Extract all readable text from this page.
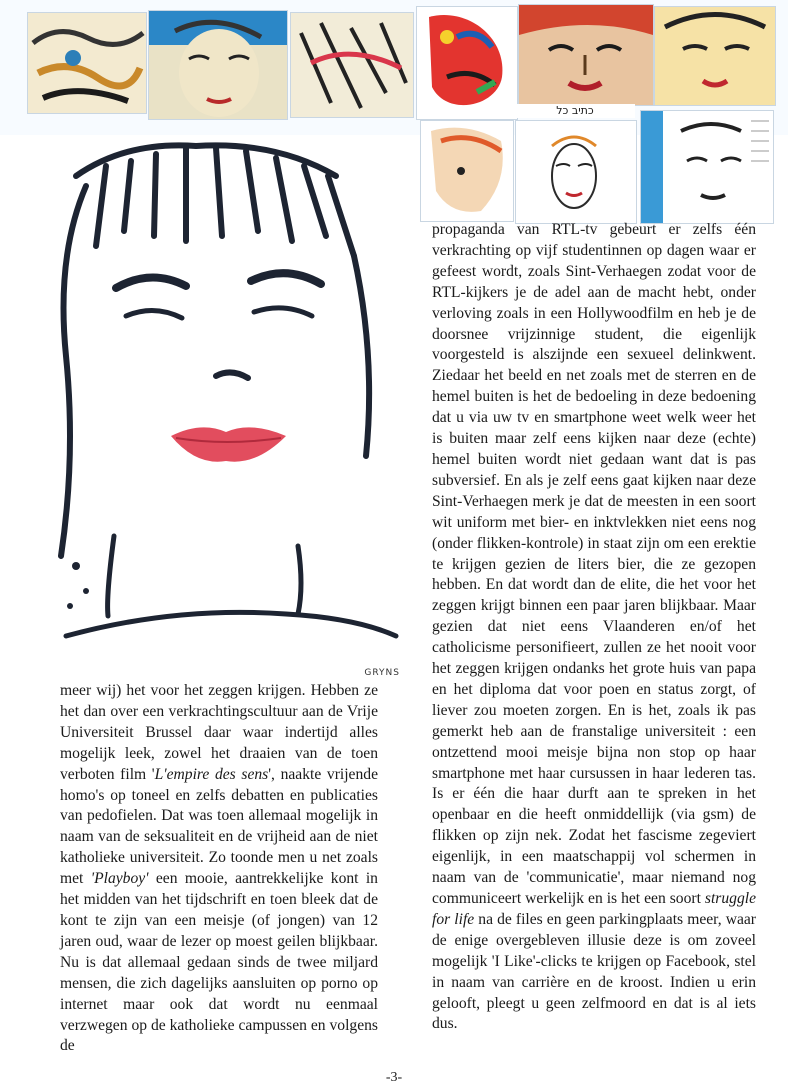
כתיב כל
GRYNS

propaganda van RTL-tv gebeurt er zelfs één verkrachting op vijf studentinnen op dagen waar er gefeest wordt, zoals Sint-Verhaegen zodat voor de RTL-kijkers je de adel aan de macht hebt, onder verloving zoals in een Hollywoodfilm en heb je de doorsnee vrijzinnige student, die eigenlijk voorgesteld is alszijnde een sexueel delinkwent. Ziedaar het beeld en net zoals met de sterren en de hemel buiten is het de bedoeling in deze bedoening dat u via uw tv en smartphone weet welk weer het is buiten maar zelf eens kijken naar deze (echte) hemel buiten wordt niet gedaan want dat is pas subversief. En als je zelf eens gaat kijken naar deze Sint-Verhaegen merk je dat de meesten in een soort wit uniform met bier- en inktvlekken niet eens nog (onder flikken-kontrole) in staat zijn om een erektie te krijgen gezien de liters bier, die ze gezopen hebben. En dat wordt dan de elite, die het voor het zeggen krijgt binnen een paar jaren blijkbaar. Maar gezien dat niet eens Vlaanderen en/of het catholicisme personifieert, zullen ze het nooit voor het zeggen krijgen ondanks het grote huis van papa en het diploma dat voor poen en status zorgt, of liever zou moeten zorgen. En is het, zoals ik pas gemerkt heb aan de franstalige universiteit : een ontzettend mooi meisje bijna non stop op haar smartphone met haar cursussen in haar lederen tas. Is er één die haar durft aan te spreken in het openbaar en die heeft onmiddellijk (via gsm) de flikken op zijn nek. Zodat het fascisme zegeviert eigenlijk, in een maatschappij vol schermen in naam van de 'communicatie', maar niemand nog communiceert werkelijk en is het een soort struggle for life na de files en geen parkingplaats meer, waar de enige overgebleven illusie deze is om zoveel mogelijk 'I Like'-clicks te krijgen op Facebook, stel in naam van carrière en de kroost. Indien u erin gelooft, pleegt u geen zelfmoord en dat is al iets dus.

meer wij) het voor het zeggen krijgen. Hebben ze het dan over een verkrachtingscultuur aan de Vrije Universiteit Brussel daar waar indertijd alles mogelijk leek, zowel het draaien van de toen verboten film 'L'empire des sens', naakte vrijende homo's op toneel en zelfs debatten en publicaties van pedofielen. Dat was toen allemaal mogelijk in naam van de seksualiteit en de vrijheid aan de niet katholieke universiteit. Zo toonde men u net zoals met 'Playboy' een mooie, aantrekkelijke kont in het midden van het tijdschrift en toen bleek dat de kont te zijn van een meisje (of jongen) van 12 jaren oud, waar de lezer op moest geilen blijkbaar. Nu is dat allemaal gedaan sinds de twee miljard mensen, die zich dagelijks aansluiten op porno op internet maar ook dat wordt nu eenmaal verzwegen op de katholieke campussen en volgens de

-3-
